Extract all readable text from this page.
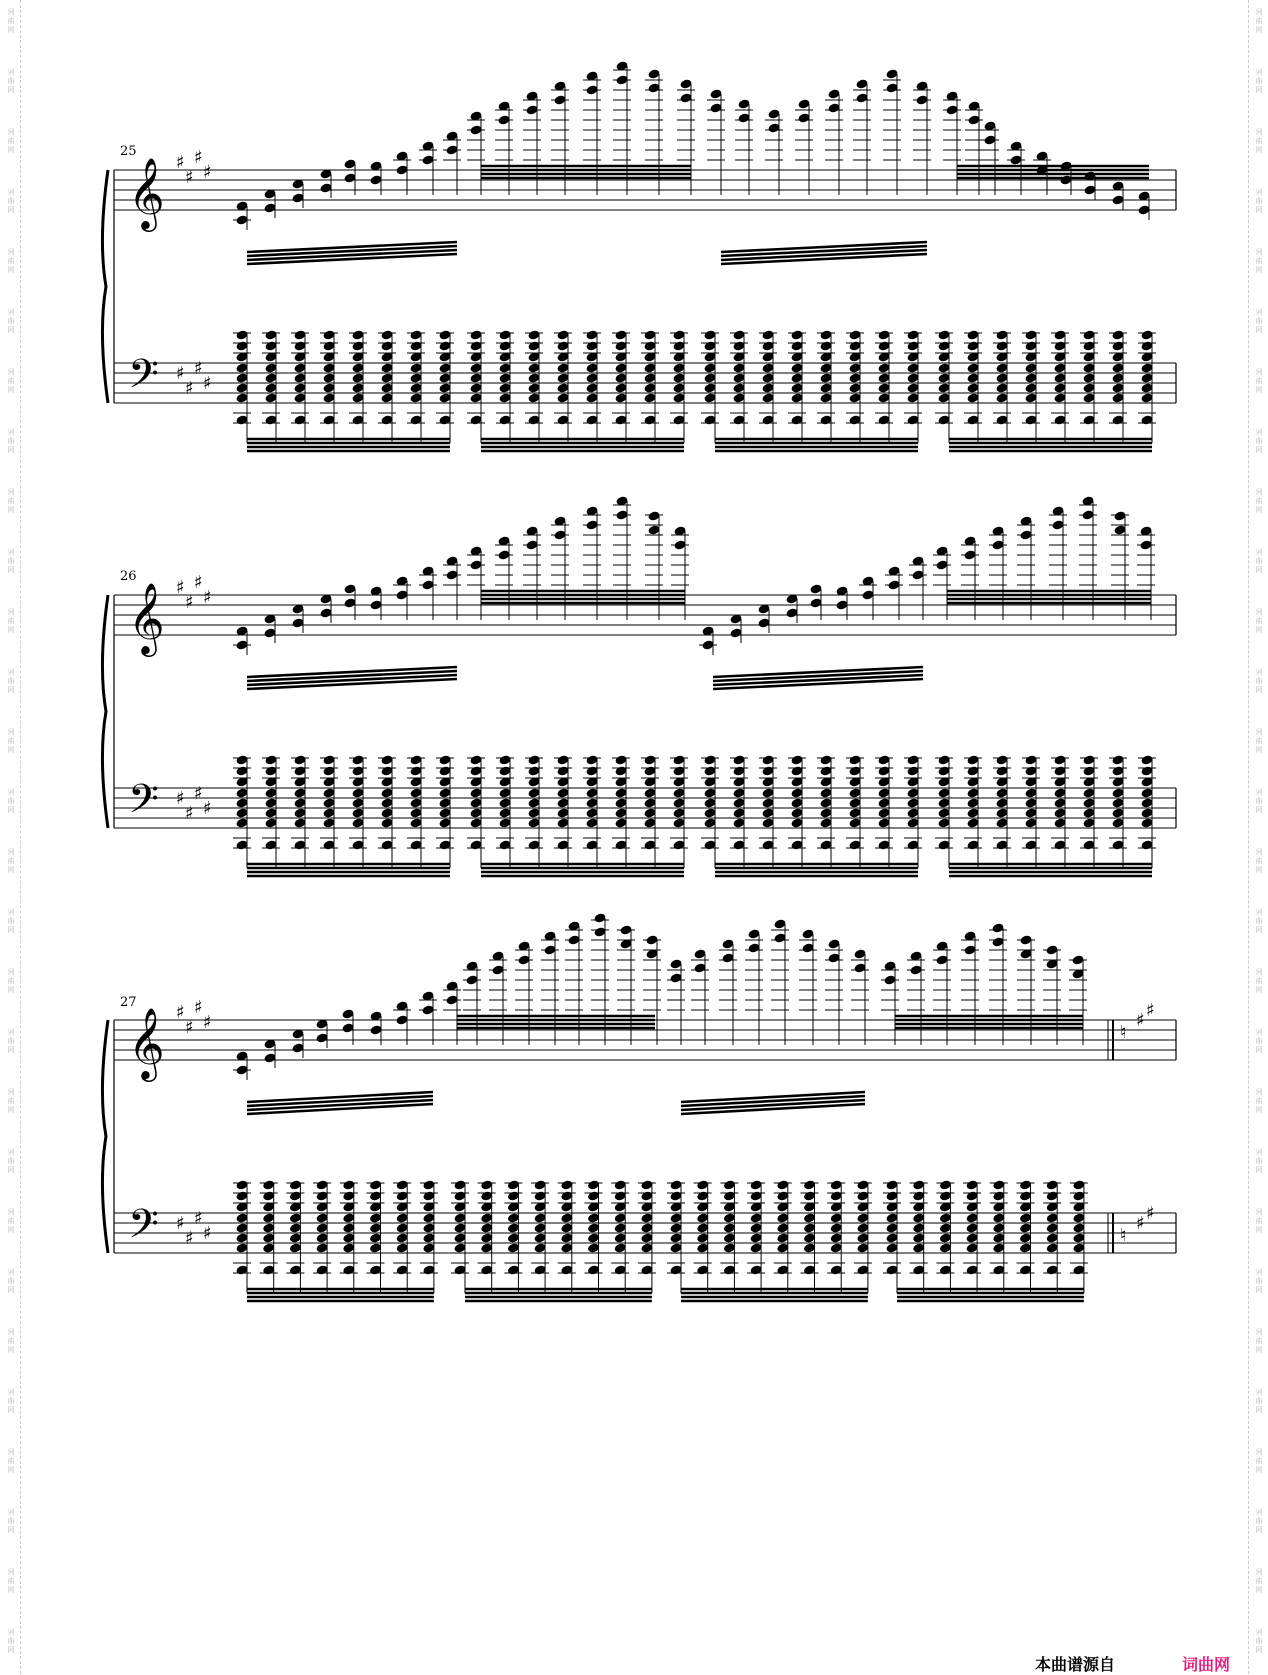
𝄞
𝄢
♯
♯
♯
♯
♯
♯
♯
♯
𝄞
𝄢
♯
♯
♯
♯
♯
♯
♯
♯
𝄞
𝄢
♯
♯
♯
♯
♯
♯
♯
♯
♮
♯ ♯
♮
♯ ♯
25
26
27
本曲谱源自	词曲网
词
曲
网
词
曲
网
词
曲
网
词
曲
网
词
曲
网
词
曲
网
词
曲
网
词
曲
网
词
曲
网
词
曲
网
词
曲
网
词
曲
网
词
曲
网
词
曲
网
词
曲
网
词
曲
网
词
曲
网
词
曲
网
词
曲
网
词
曲
网
词
曲
网
词
曲
网
词
曲
网
词
曲
网
词
曲
网
词
曲
网
词
曲
网
词
曲
网
词
曲
网
词
曲
网
词
曲
网
词
曲
网
词
曲
网
词
曲
网
词
曲
网
词
曲
网
词
曲
网
词
曲
网
词
曲
网
词
曲
网
词
曲
网
词
曲
网
词
曲
网
词
曲
网
词
曲
网
词
曲
网
词
曲
网
词
曲
网
词
曲
网
词
曲
网
词
曲
网
词
曲
网
词
曲
网
词
曲
网
词
曲
网
词
曲
网
